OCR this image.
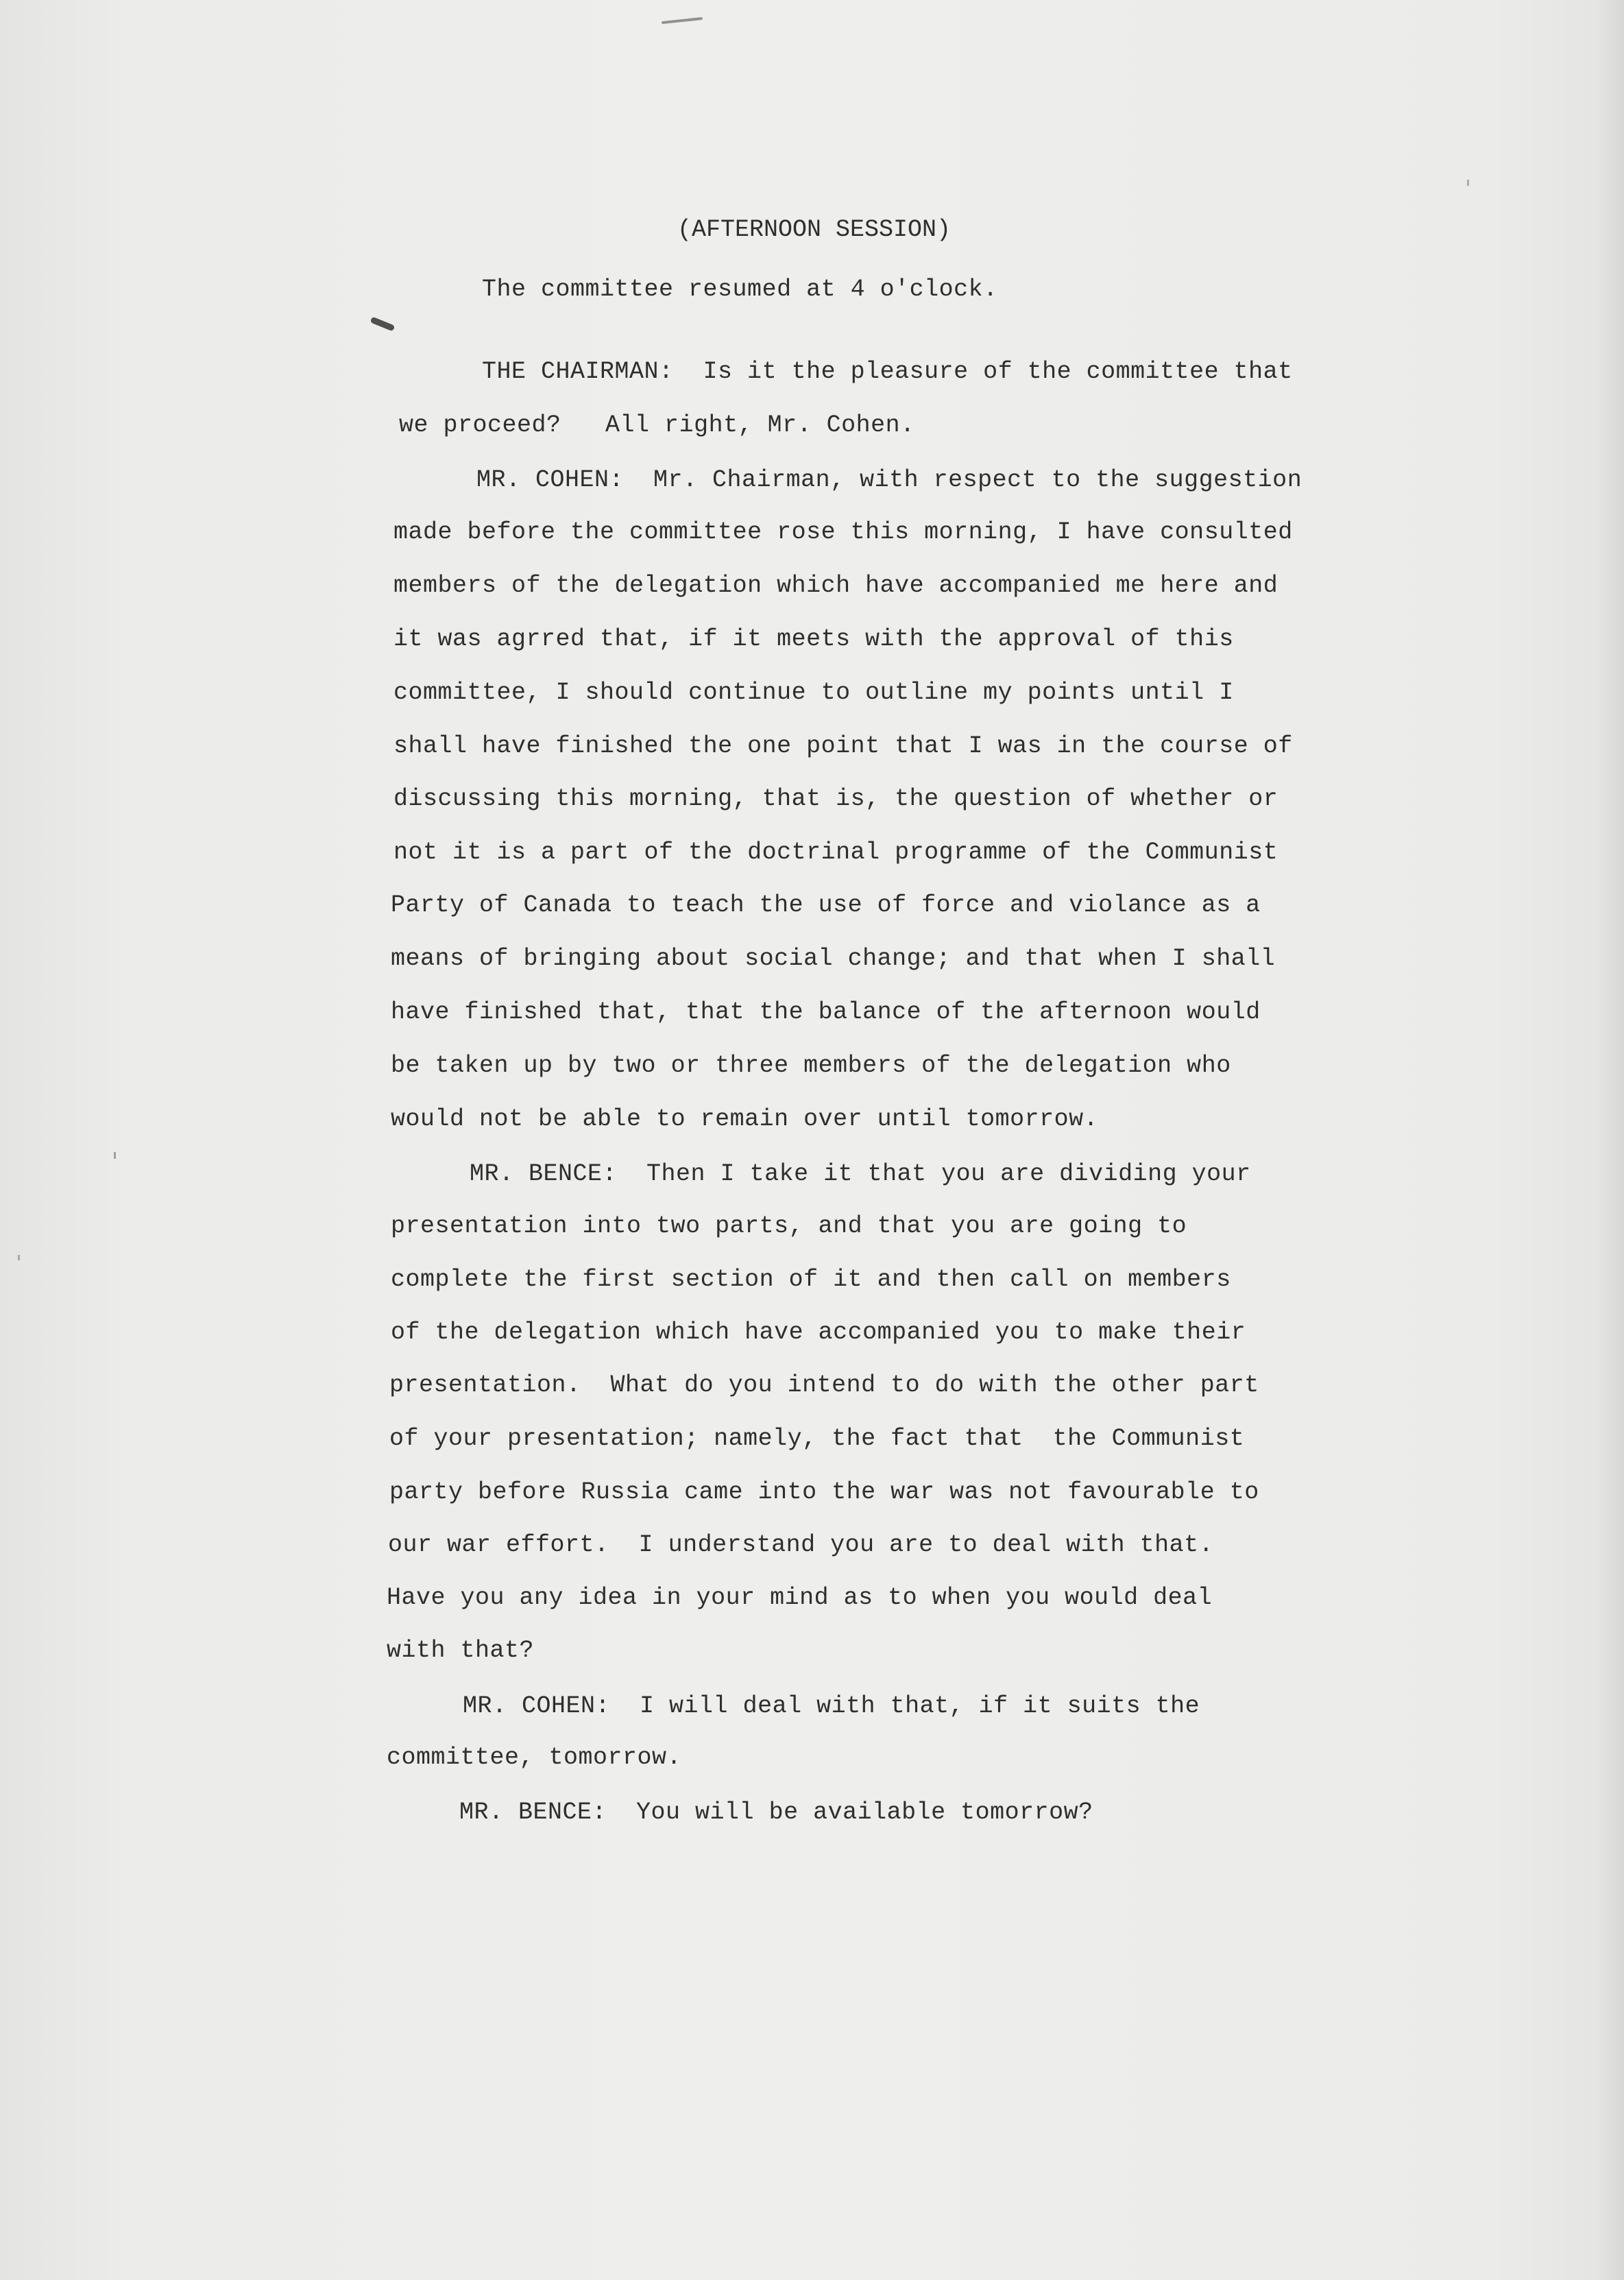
(AFTERNOON SESSION)
The committee resumed at 4 o'clock.
THE CHAIRMAN:  Is it the pleasure of the committee that
we proceed?   All right, Mr. Cohen.
MR. COHEN:  Mr. Chairman, with respect to the suggestion
made before the committee rose this morning, I have consulted
members of the delegation which have accompanied me here and
it was agrred that, if it meets with the approval of this
committee, I should continue to outline my points until I
shall have finished the one point that I was in the course of
discussing this morning, that is, the question of whether or
not it is a part of the doctrinal programme of the Communist
Party of Canada to teach the use of force and violance as a
means of bringing about social change; and that when I shall
have finished that, that the balance of the afternoon would
be taken up by two or three members of the delegation who
would not be able to remain over until tomorrow.
MR. BENCE:  Then I take it that you are dividing your
presentation into two parts, and that you are going to
complete the first section of it and then call on members
of the delegation which have accompanied you to make their
presentation.  What do you intend to do with the other part
of your presentation; namely, the fact that  the Communist
party before Russia came into the war was not favourable to
our war effort.  I understand you are to deal with that.
Have you any idea in your mind as to when you would deal
with that?
MR. COHEN:  I will deal with that, if it suits the
committee, tomorrow.
MR. BENCE:  You will be available tomorrow?
